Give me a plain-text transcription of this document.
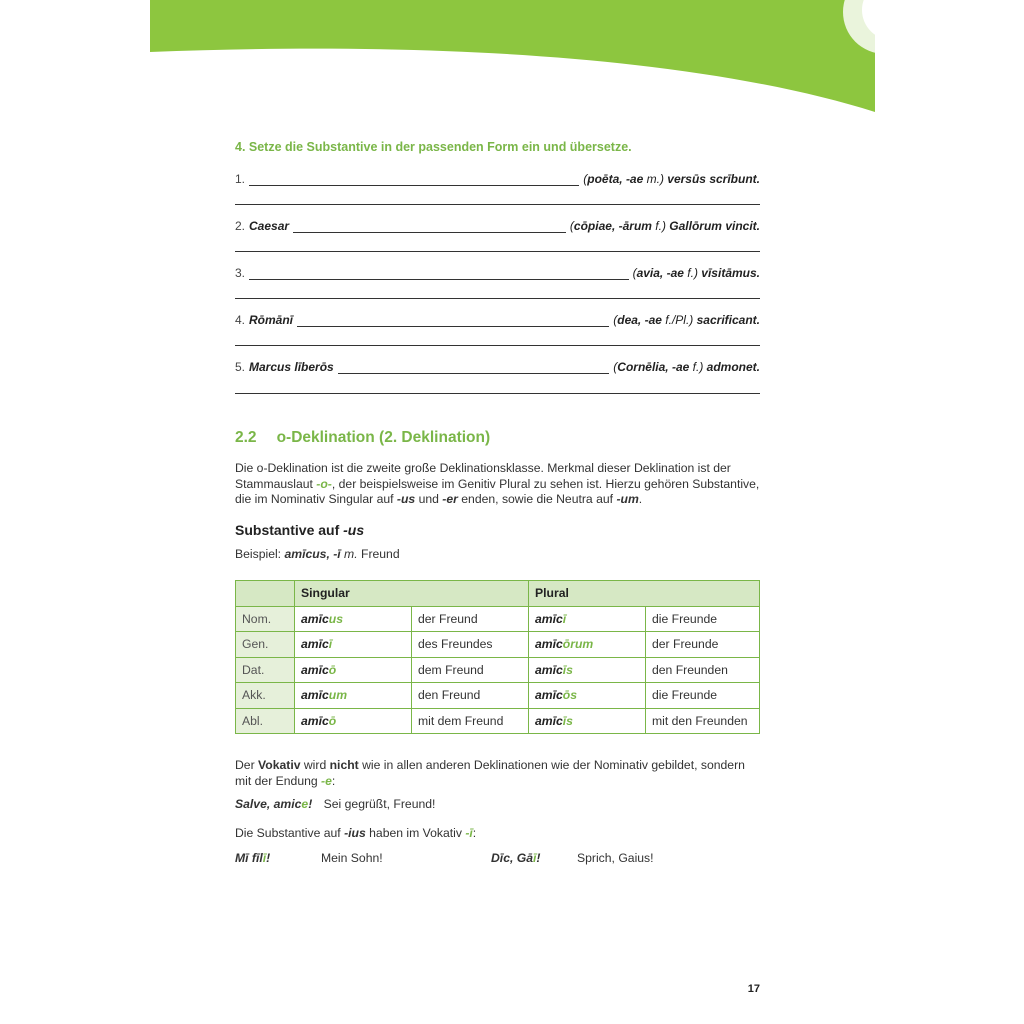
4. Setze die Substantive in der passenden Form ein und übersetze.
1.	(poēta, -ae m.) versūs scrībunt.
2. Caesar	(cōpiae, -ārum f.) Gallōrum vincit.
3.	(avia, -ae f.) vīsitāmus.
4. Rōmānī	(dea, -ae f./Pl.) sacrificant.
5. Marcus līberōs	(Cornēlia, -ae f.) admonet.
2.2 o-Deklination (2. Deklination)
Die o-Deklination ist die zweite große Deklinationsklasse. Merkmal dieser Deklination ist der Stammauslaut -o-, der beispielsweise im Genitiv Plural zu sehen ist. Hierzu gehören Substantive, die im Nominativ Singular auf -us und -er enden, sowie die Neutra auf -um.
Substantive auf -us
Beispiel: amīcus, -ī m. Freund
	Singular		Plural	
Nom.	amīcus	der Freund	amīcī	die Freunde
Gen.	amīcī	des Freundes	amīcōrum	der Freunde
Dat.	amīcō	dem Freund	amīcīs	den Freunden
Akk.	amīcum	den Freund	amīcōs	die Freunde
Abl.	amīcō	mit dem Freund	amīcīs	mit den Freunden
Der Vokativ wird nicht wie in allen anderen Deklinationen wie der Nominativ gebildet, sondern mit der Endung -e:
Salve, amice! Sei gegrüßt, Freund!
Die Substantive auf -ius haben im Vokativ -ī:
Mī fīlī!	Mein Sohn!	Dīc, Gāī!	Sprich, Gaius!
17
